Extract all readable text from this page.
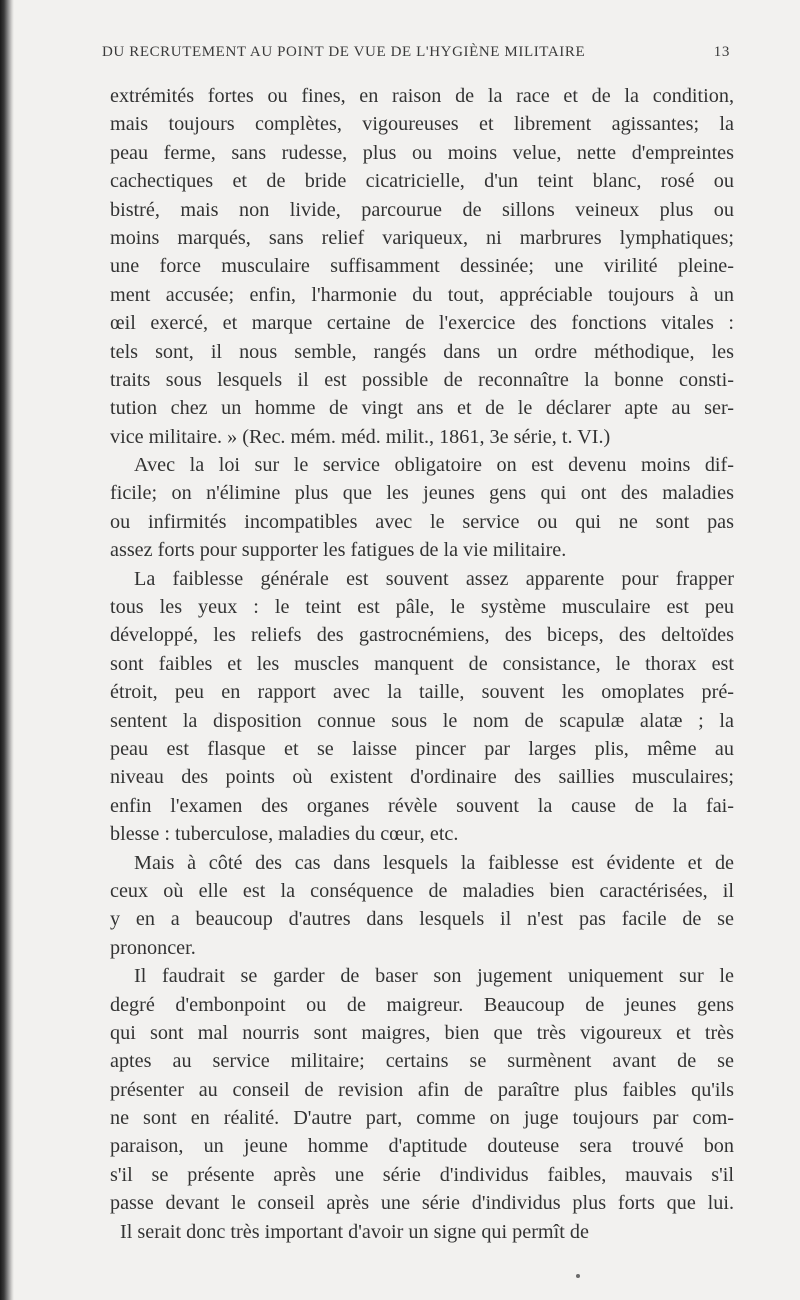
DU RECRUTEMENT AU POINT DE VUE DE L'HYGIÈNE MILITAIRE	13
extrémités fortes ou fines, en raison de la race et de la condition,
mais toujours complètes, vigoureuses et librement agissantes; la
peau ferme, sans rudesse, plus ou moins velue, nette d'empreintes
cachectiques et de bride cicatricielle, d'un teint blanc, rosé ou
bistré, mais non livide, parcourue de sillons veineux plus ou
moins marqués, sans relief variqueux, ni marbrures lymphatiques;
une force musculaire suffisamment dessinée; une virilité pleine-
ment accusée; enfin, l'harmonie du tout, appréciable toujours à un
œil exercé, et marque certaine de l'exercice des fonctions vitales :
tels sont, il nous semble, rangés dans un ordre méthodique, les
traits sous lesquels il est possible de reconnaître la bonne consti-
tution chez un homme de vingt ans et de le déclarer apte au ser-
vice militaire. » (Rec. mém. méd. milit., 1861, 3e série, t. VI.)
Avec la loi sur le service obligatoire on est devenu moins dif-
ficile; on n'élimine plus que les jeunes gens qui ont des maladies
ou infirmités incompatibles avec le service ou qui ne sont pas
assez forts pour supporter les fatigues de la vie militaire.
La faiblesse générale est souvent assez apparente pour frapper
tous les yeux : le teint est pâle, le système musculaire est peu
développé, les reliefs des gastrocnémiens, des biceps, des deltoïdes
sont faibles et les muscles manquent de consistance, le thorax est
étroit, peu en rapport avec la taille, souvent les omoplates pré-
sentent la disposition connue sous le nom de scapulæ alatæ ; la
peau est flasque et se laisse pincer par larges plis, même au
niveau des points où existent d'ordinaire des saillies musculaires;
enfin l'examen des organes révèle souvent la cause de la fai-
blesse : tuberculose, maladies du cœur, etc.
Mais à côté des cas dans lesquels la faiblesse est évidente et de
ceux où elle est la conséquence de maladies bien caractérisées, il
y en a beaucoup d'autres dans lesquels il n'est pas facile de se
prononcer.
Il faudrait se garder de baser son jugement uniquement sur le
degré d'embonpoint ou de maigreur. Beaucoup de jeunes gens
qui sont mal nourris sont maigres, bien que très vigoureux et très
aptes au service militaire; certains se surmènent avant de se
présenter au conseil de revision afin de paraître plus faibles qu'ils
ne sont en réalité. D'autre part, comme on juge toujours par com-
paraison, un jeune homme d'aptitude douteuse sera trouvé bon
s'il se présente après une série d'individus faibles, mauvais s'il
passe devant le conseil après une série d'individus plus forts que lui.
Il serait donc très important d'avoir un signe qui permît de
